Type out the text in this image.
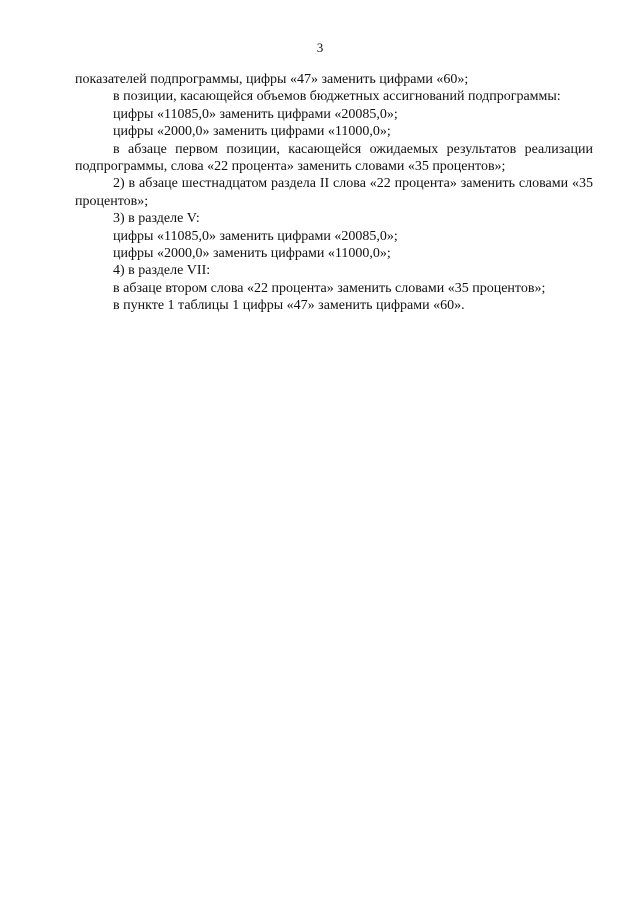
3

показателей подпрограммы, цифры «47» заменить цифрами «60»;

в позиции, касающейся объемов бюджетных ассигнований подпрограммы:

цифры «11085,0» заменить цифрами «20085,0»;

цифры «2000,0» заменить цифрами «11000,0»;

в абзаце первом позиции, касающейся ожидаемых результатов реализации подпрограммы, слова «22 процента» заменить словами «35 процентов»;

2) в абзаце шестнадцатом раздела II слова «22 процента» заменить словами «35 процентов»;

3) в разделе V:

цифры «11085,0» заменить цифрами «20085,0»;

цифры «2000,0» заменить цифрами «11000,0»;

4) в разделе VII:

в абзаце втором слова «22 процента» заменить словами «35 процентов»;

в пункте 1 таблицы 1 цифры «47» заменить цифрами «60».
